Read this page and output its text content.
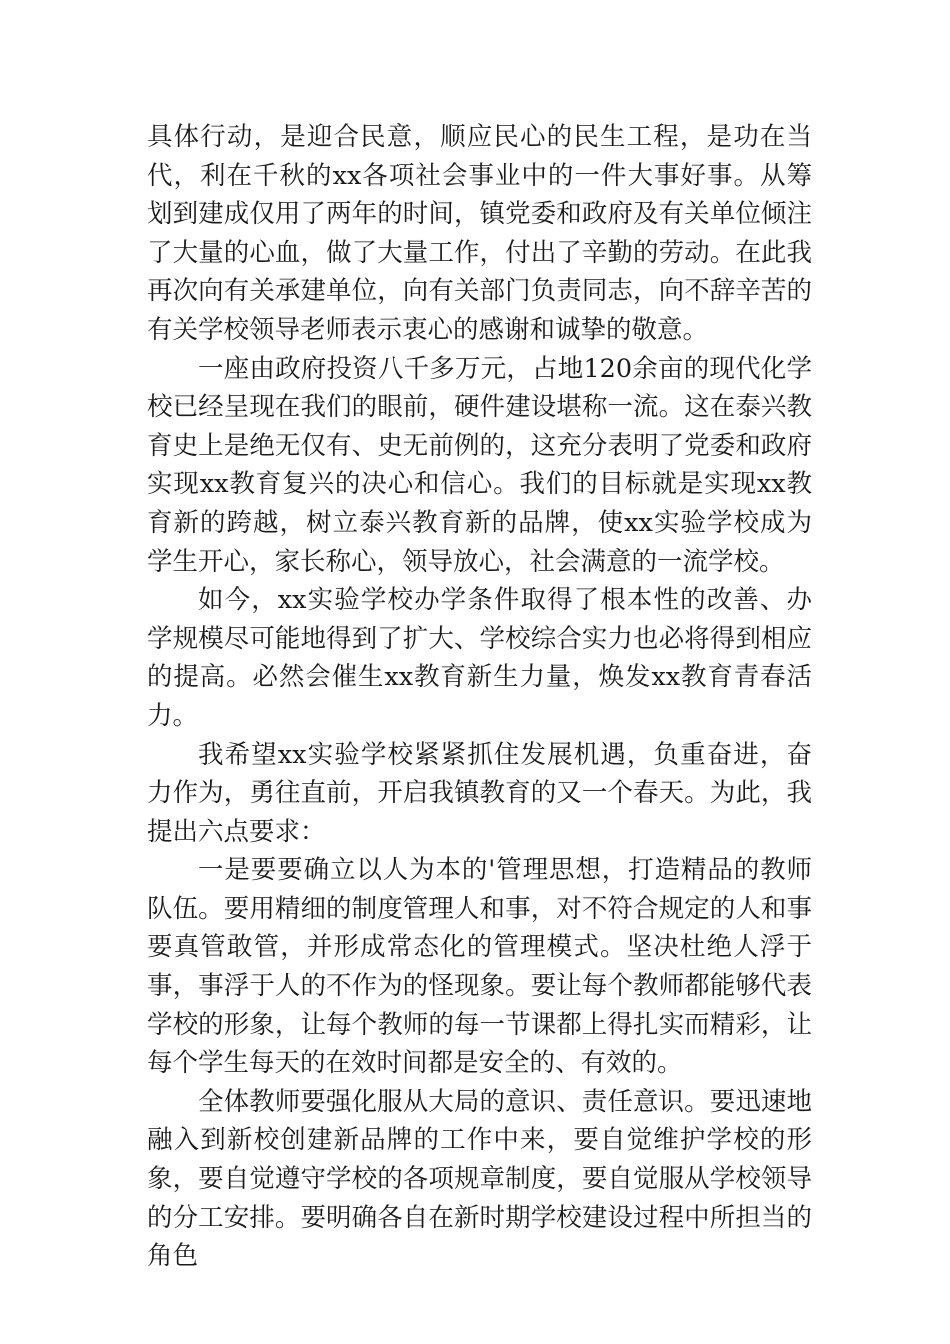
具体行动，是迎合民意，顺应民心的民生工程，是功在当代，利在千秋的xx各项社会事业中的一件大事好事。从筹划到建成仅用了两年的时间，镇党委和政府及有关单位倾注了大量的心血，做了大量工作，付出了辛勤的劳动。在此我再次向有关承建单位，向有关部门负责同志，向不辞辛苦的有关学校领导老师表示衷心的感谢和诚挚的敬意。

一座由政府投资八千多万元，占地120余亩的现代化学校已经呈现在我们的眼前，硬件建设堪称一流。这在泰兴教育史上是绝无仅有、史无前例的，这充分表明了党委和政府实现xx教育复兴的决心和信心。我们的目标就是实现xx教育新的跨越，树立泰兴教育新的品牌，使xx实验学校成为学生开心，家长称心，领导放心，社会满意的一流学校。

如今，xx实验学校办学条件取得了根本性的改善、办学规模尽可能地得到了扩大、学校综合实力也必将得到相应的提高。必然会催生xx教育新生力量，焕发xx教育青春活力。

我希望xx实验学校紧紧抓住发展机遇，负重奋进，奋力作为，勇往直前，开启我镇教育的又一个春天。为此，我提出六点要求：

一是要要确立以人为本的'管理思想，打造精品的教师队伍。要用精细的制度管理人和事，对不符合规定的人和事要真管敢管，并形成常态化的管理模式。坚决杜绝人浮于事，事浮于人的不作为的怪现象。要让每个教师都能够代表学校的形象，让每个教师的每一节课都上得扎实而精彩，让每个学生每天的在效时间都是安全的、有效的。

全体教师要强化服从大局的意识、责任意识。要迅速地融入到新校创建新品牌的工作中来，要自觉维护学校的形象，要自觉遵守学校的各项规章制度，要自觉服从学校领导的分工安排。要明确各自在新时期学校建设过程中所担当的角色
